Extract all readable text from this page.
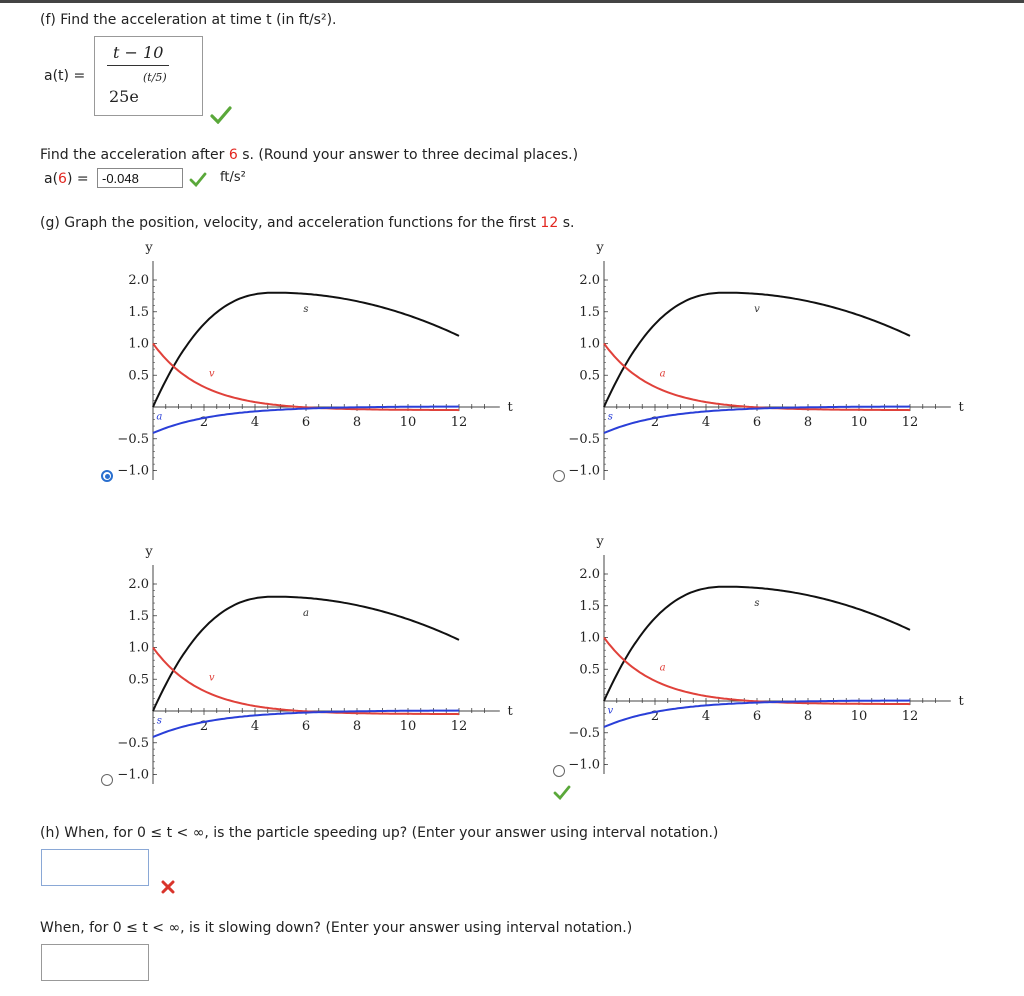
(f) Find the acceleration at time t (in ft/s²).
a(t) =
t − 10
25e
(t/5)
Find the acceleration after 6 s. (Round your answer to three decimal places.)
a(6) =	-0.048	ft/s²
(g) Graph the position, velocity, and acceleration functions for the first 12 s.
2.0
1.5
1.0
0.5
−0.5
−1.0
2	4	6	8	10	12
y
t
s
v
a
2.0
1.5
1.0
0.5
−0.5
−1.0
2	4	6	8	10	12
y
t
v
a
s
2.0
1.5
1.0
0.5
−0.5
−1.0
2	4	6	8	10	12
y
t
a
v
s
2.0
1.5
1.0
0.5
−0.5
−1.0
2	4	6	8	10	12
y
t
s
a
v
(h) When, for 0 ≤ t < ∞, is the particle speeding up? (Enter your answer using interval notation.)
When, for 0 ≤ t < ∞, is it slowing down? (Enter your answer using interval notation.)
